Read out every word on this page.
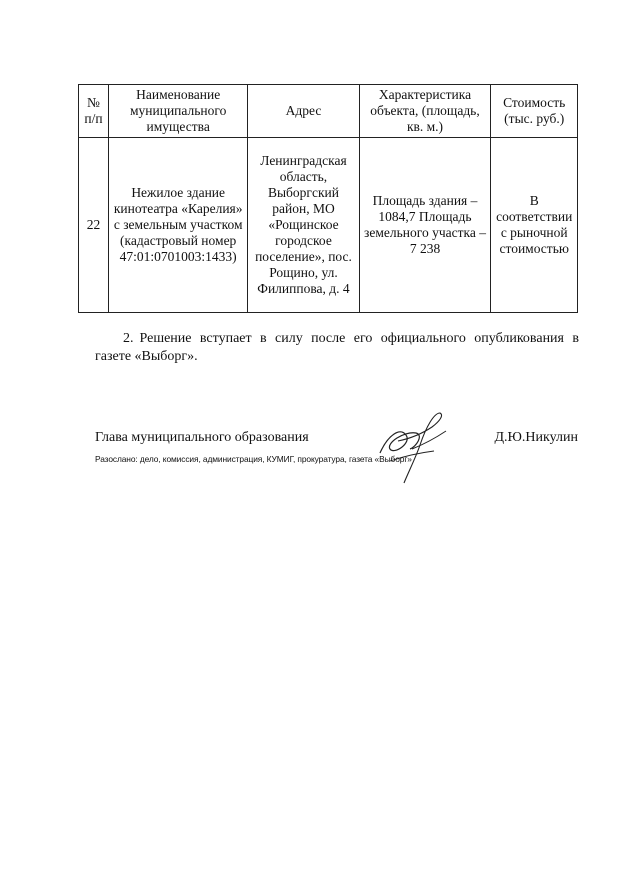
№ п/п	Наименование муниципального имущества	Адрес	Характеристика объекта, (площадь, кв. м.)	Стоимость (тыс. руб.)
22	Нежилое здание кинотеатра «Карелия» с земельным участком (кадастровый номер 47:01:0701003:1433)	Ленинградская область, Выборгский район, МО «Рощинское городское поселение», пос. Рощино, ул. Филиппова, д. 4	Площадь здания – 1084,7 Площадь земельного участка – 7 238	В соответствии с рыночной стоимостью

2. Решение вступает в силу после его официального опубликования в газете «Выборг».

Глава муниципального образования	Д.Ю.Никулин
Разослано: дело, комиссия, администрация, КУМИГ, прокуратура, газета «Выборг»
